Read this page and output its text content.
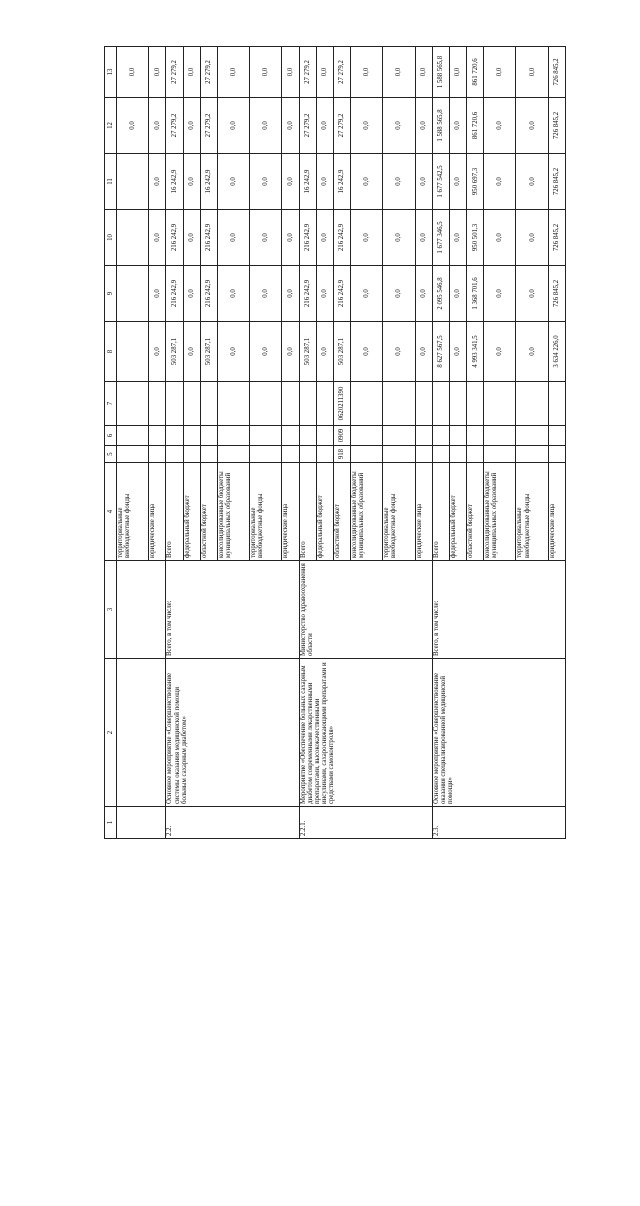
1	2	3	4	5	6	7	8	9	10	11	12	13
			территориальные внебюджетные фонды								0,0	0,0
			юридические лица				0,0	0,0	0,0	0,0	0,0	0,0
2.2.	Основное мероприятие «Совершенствование системы оказания медицинской помощи больным сахарным диабетом»	Всего, в том числе:	Всего				503 287,1	216 242,9	216 242,9	16 242,9	27 279,2	27 279,2
			федеральный бюджет				0,0	0,0	0,0	0,0	0,0	0,0
			областной бюджет				503 287,1	216 242,9	216 242,9	16 242,9	27 279,2	27 279,2
			консолидированные бюджеты муниципальных образований				0,0	0,0	0,0	0,0	0,0	0,0
			территориальные внебюджетные фонды				0,0	0,0	0,0	0,0	0,0	0,0
			юридические лица				0,0	0,0	0,0	0,0	0,0	0,0
2.2.1.	Мероприятие «Обеспечение больных сахарным диабетом современными лекарственными препаратами, высококачественными инсулинами, сахароснижающими препаратами и средствами самоконтроля»	Министерство здравоохранения области	Всего				503 287,1	216 242,9	216 242,9	16 242,9	27 279,2	27 279,2
			федеральный бюджет				0,0	0,0	0,0	0,0	0,0	0,0
			областной бюджет	918	0909	0620211390	503 287,1	216 242,9	216 242,9	16 242,9	27 279,2	27 279,2
			консолидированные бюджеты муниципальных образований				0,0	0,0	0,0	0,0	0,0	0,0
			территориальные внебюджетные фонды				0,0	0,0	0,0	0,0	0,0	0,0
			юридические лица				0,0	0,0	0,0	0,0	0,0	0,0
2.3.	Основное мероприятие «Совершенствование оказания специализированной медицинской помощи»	Всего, в том числе:	Всего				8 627 567,5	2 095 546,8	1 677 346,5	1 677 542,5	1 588 565,8	1 588 565,8
			федеральный бюджет				0,0	0,0	0,0	0,0	0,0	0,0
			областной бюджет				4 993 341,5	1 368 701,6	950 501,3	950 697,3	861 720,6	861 720,6
			консолидированные бюджеты муниципальных образований				0,0	0,0	0,0	0,0	0,0	0,0
			территориальные внебюджетные фонды				0,0	0,0	0,0	0,0	0,0	0,0
			юридические лица				3 634 226,0	726 845,2	726 845,2	726 845,2	726 845,2	726 845,2
